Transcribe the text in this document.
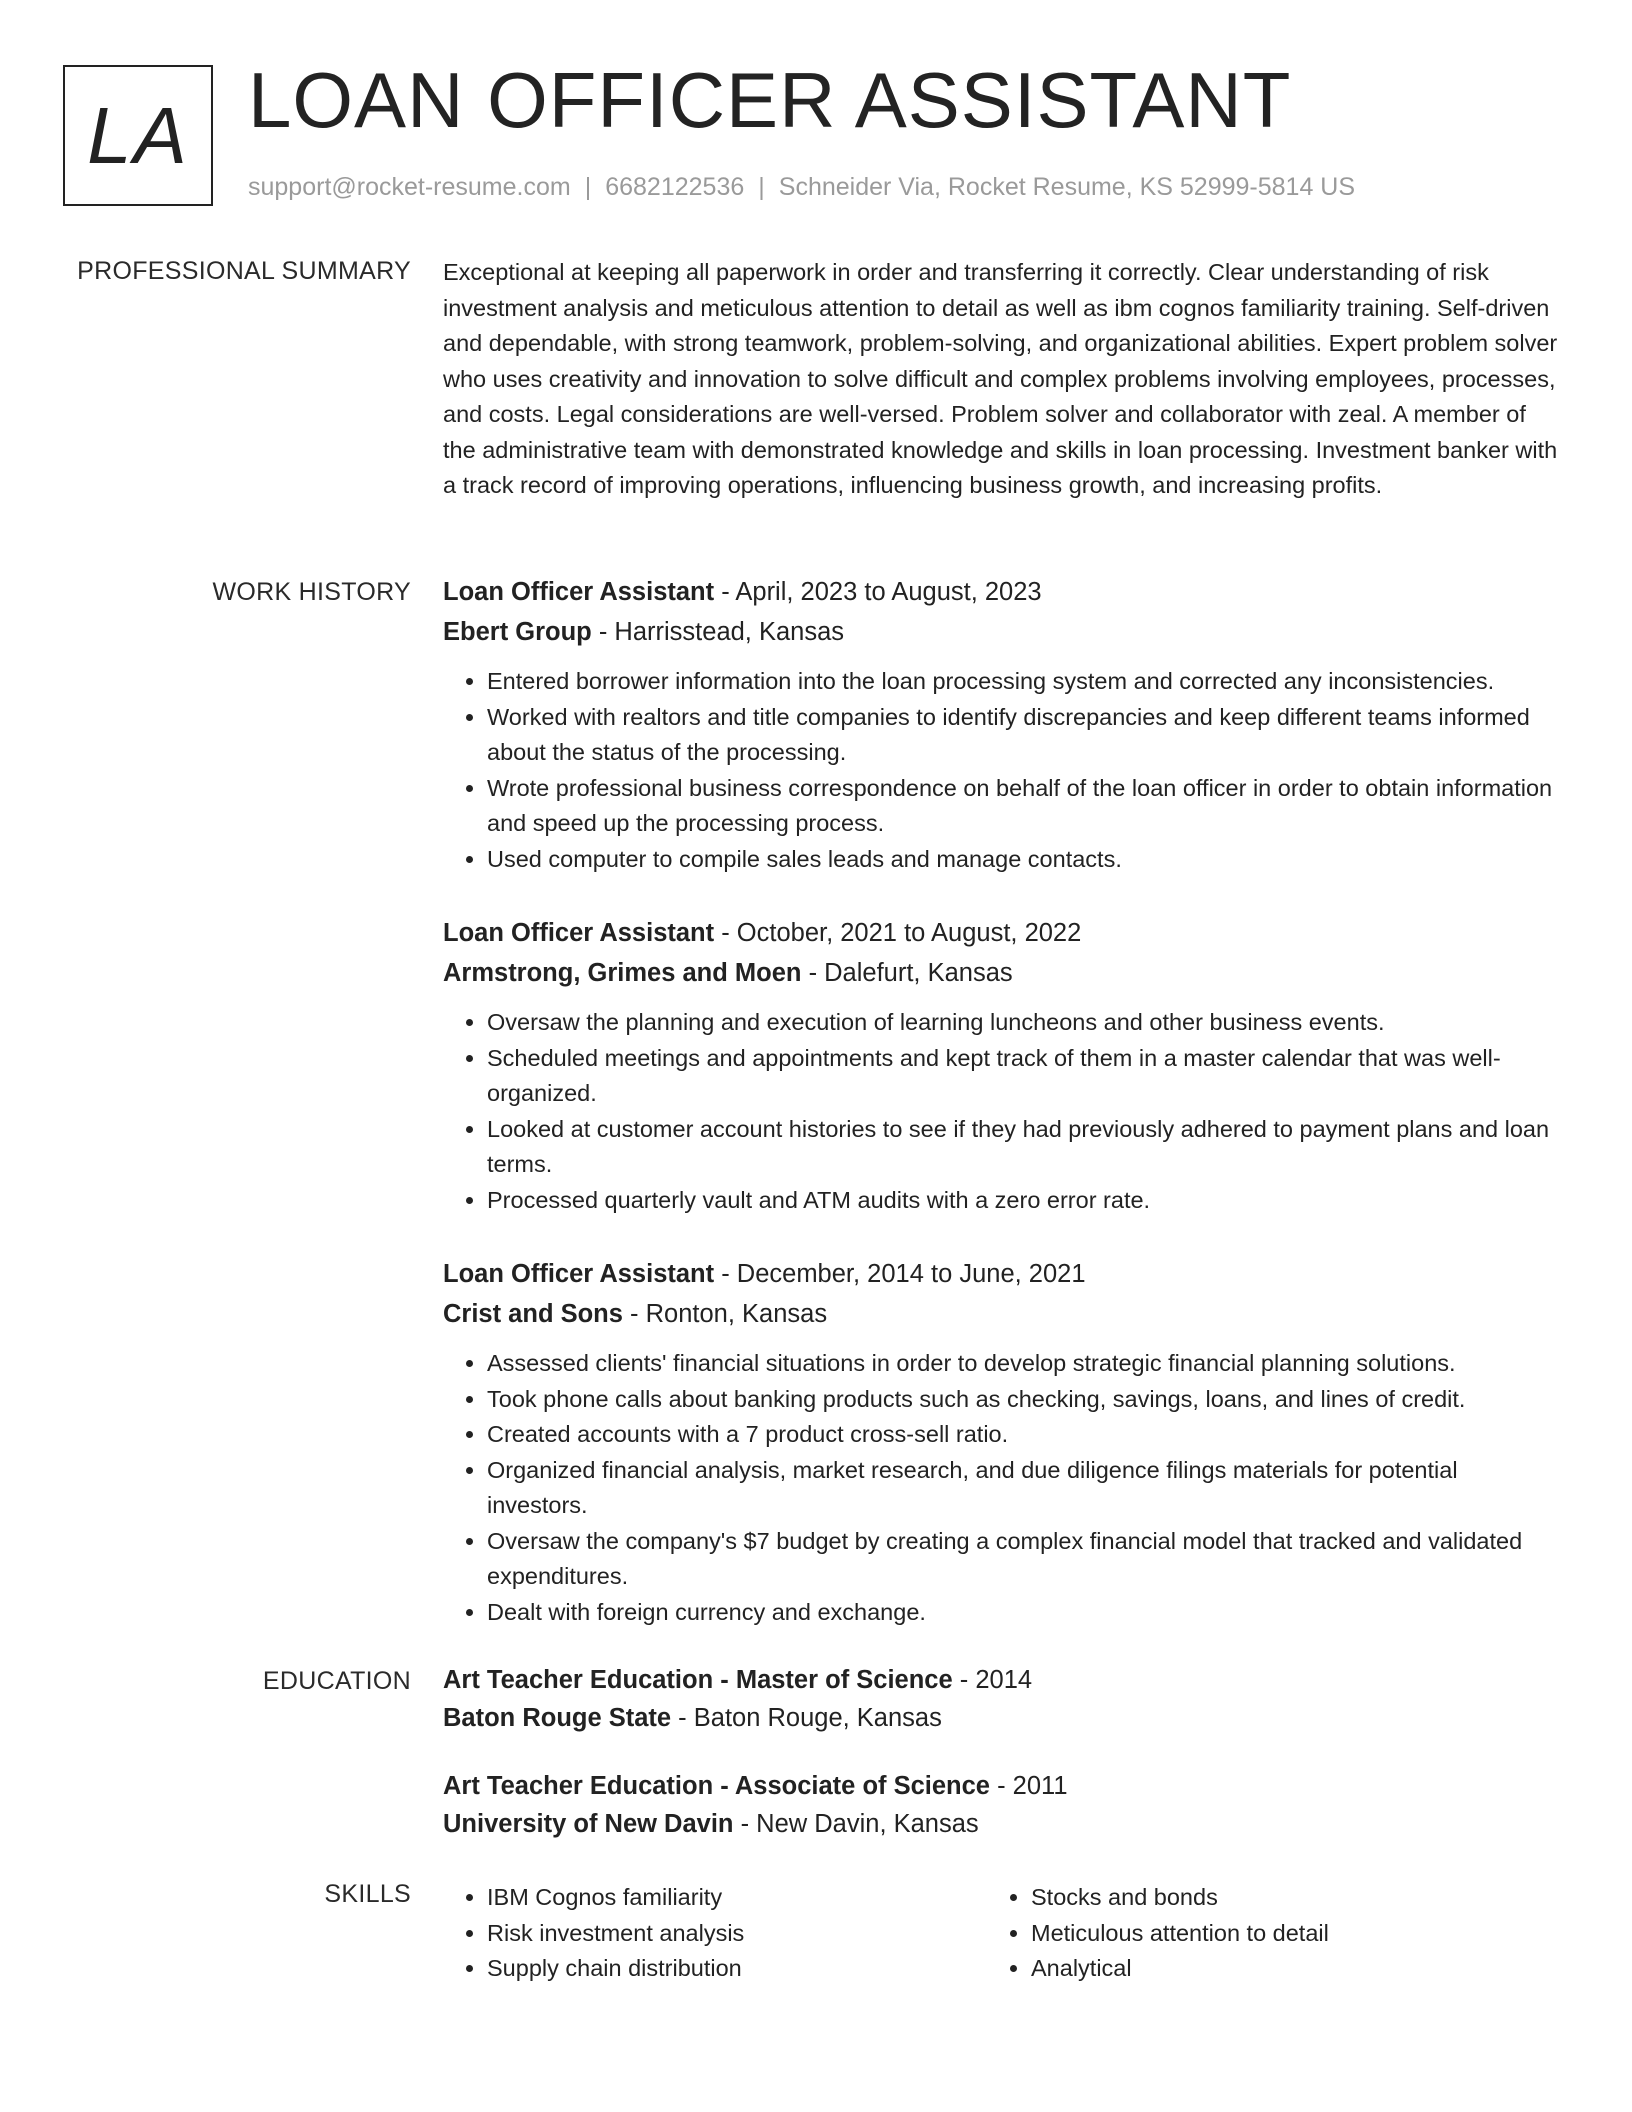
LA LOAN OFFICER ASSISTANT
support@rocket-resume.com | 6682122536 | Schneider Via, Rocket Resume, KS 52999-5814 US
PROFESSIONAL SUMMARY Exceptional at keeping all paperwork in order and transferring it correctly. Clear understanding of risk investment analysis and meticulous attention to detail as well as ibm cognos familiarity training. Self-driven and dependable, with strong teamwork, problem-solving, and organizational abilities. Expert problem solver who uses creativity and innovation to solve difficult and complex problems involving employees, processes, and costs. Legal considerations are well-versed. Problem solver and collaborator with zeal. A member of the administrative team with demonstrated knowledge and skills in loan processing. Investment banker with a track record of improving operations, influencing business growth, and increasing profits.

WORK HISTORY Loan Officer Assistant - April, 2023 to August, 2023
Ebert Group - Harrisstead, Kansas
• Entered borrower information into the loan processing system and corrected any inconsistencies.
• Worked with realtors and title companies to identify discrepancies and keep different teams informed about the status of the processing.
• Wrote professional business correspondence on behalf of the loan officer in order to obtain information and speed up the processing process.
• Used computer to compile sales leads and manage contacts.
Loan Officer Assistant - October, 2021 to August, 2022
Armstrong, Grimes and Moen - Dalefurt, Kansas
• Oversaw the planning and execution of learning luncheons and other business events.
• Scheduled meetings and appointments and kept track of them in a master calendar that was well-organized.
• Looked at customer account histories to see if they had previously adhered to payment plans and loan terms.
• Processed quarterly vault and ATM audits with a zero error rate.
Loan Officer Assistant - December, 2014 to June, 2021
Crist and Sons - Ronton, Kansas
• Assessed clients' financial situations in order to develop strategic financial planning solutions.
• Took phone calls about banking products such as checking, savings, loans, and lines of credit.
• Created accounts with a 7 product cross-sell ratio.
• Organized financial analysis, market research, and due diligence filings materials for potential investors.
• Oversaw the company's $7 budget by creating a complex financial model that tracked and validated expenditures.
• Dealt with foreign currency and exchange.
EDUCATION Art Teacher Education - Master of Science - 2014
Baton Rouge State - Baton Rouge, Kansas
Art Teacher Education - Associate of Science - 2011
University of New Davin - New Davin, Kansas
SKILLS
•	IBM Cognos familiarity
• Risk investment analysis
• Supply chain distribution
• Stocks and bonds
• Meticulous attention to detail
• Analytical
